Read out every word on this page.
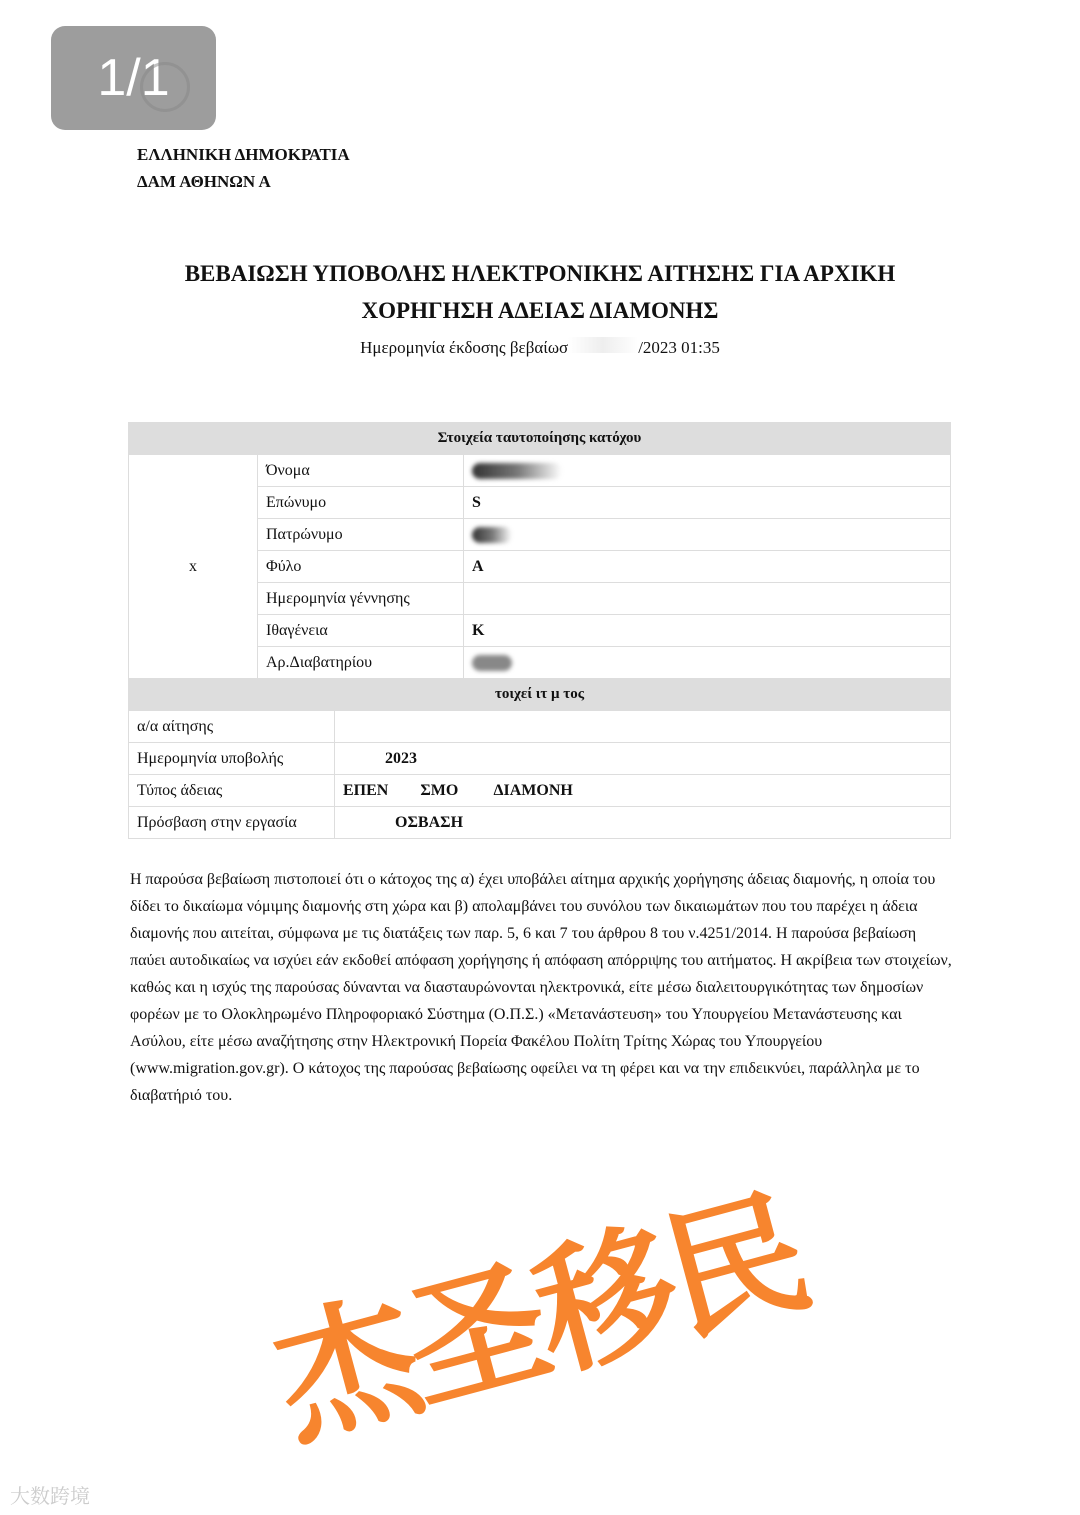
1/1
ΕΛΛΗΝΙΚΗ ΔΗΜΟΚΡΑΤΙΑ
ΔΑΜ ΑΘΗΝΩΝ Α
ΒΕΒΑΙΩΣΗ ΥΠΟΒΟΛΗΣ ΗΛΕΚΤΡΟΝΙΚΗΣ ΑΙΤΗΣΗΣ ΓΙΑ ΑΡΧΙΚΗ
ΧΟΡΗΓΗΣΗ ΑΔΕΙΑΣ ΔΙΑΜΟΝΗΣ
Ημερομηνία έκδοσης βεβαίωσ	/2023 01:35
Στοιχεία ταυτοποίησης κατόχου			
x	Όνομα		
	Επώνυμο		S
	Πατρώνυμο		
	Φύλο		Α
	Ημερομηνία γέννησης		
	Ιθαγένεια		Κ
	Αρ.Διαβατηρίου		
τοιχεί ιτ μ τος			
α/α αίτησης			
Ημερομηνία υποβολής		2023	
Τύπος άδειας		ΕΠΕΝ        ΣΜΟ         ΔΙΑΜΟΝΗ	
Πρόσβαση στην εργασία		ΟΣΒΑΣΗ	
Η παρούσα βεβαίωση πιστοποιεί ότι ο κάτοχος της α) έχει υποβάλει αίτημα αρχικής χορήγησης άδειας διαμονής, η οποία του δίδει το δικαίωμα νόμιμης διαμονής στη χώρα και β) απολαμβάνει του συνόλου των δικαιωμάτων που του παρέχει η άδεια διαμονής που αιτείται, σύμφωνα με τις διατάξεις των παρ. 5, 6 και 7 του άρθρου 8 του ν.4251/2014. Η παρούσα βεβαίωση παύει αυτοδικαίως να ισχύει εάν εκδοθεί απόφαση χορήγησης ή απόφαση απόρριψης του αιτήματος. Η ακρίβεια των στοιχείων, καθώς και η ισχύς της παρούσας δύνανται να διασταυρώνονται ηλεκτρονικά, είτε μέσω διαλειτουργικότητας των δημοσίων φορέων με το Ολοκληρωμένο Πληροφοριακό Σύστημα (Ο.Π.Σ.) «Μετανάστευση» του Υπουργείου Μετανάστευσης και Ασύλου, είτε μέσω αναζήτησης στην Ηλεκτρονική Πορεία Φακέλου Πολίτη Τρίτης Χώρας του Υπουργείου (www.migration.gov.gr). Ο κάτοχος της παρούσας βεβαίωσης οφείλει να τη φέρει και να την επιδεικνύει, παράλληλα με το διαβατήριό του.
杰圣移民
大数跨境
